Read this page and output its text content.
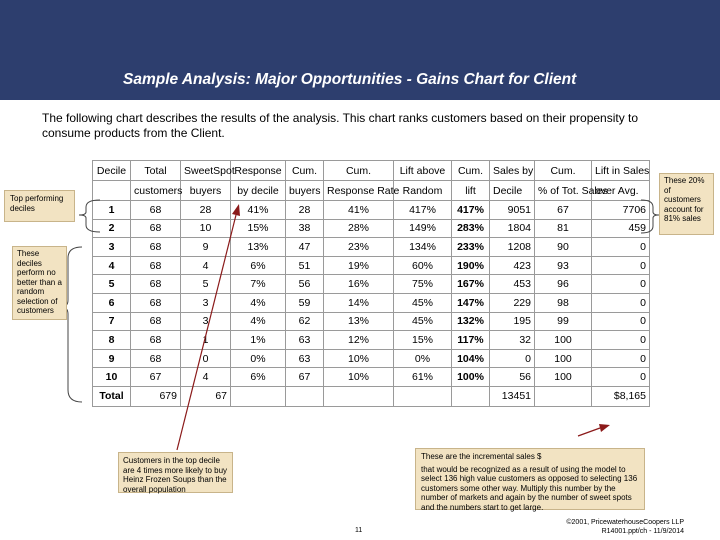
Sample Analysis: Major Opportunities - Gains Chart for Client
The following chart describes the results of the analysis. This chart ranks customers based on their propensity to consume products from the Client.
Decile	Total	SweetSpot	Response	Cum.	Cum.	Lift above	Cum.	Sales by	Cum.	Lift in Sales
	customers	buyers	by decile	buyers	Response Rate	Random	lift	Decile	% of Tot. Sales	over Avg.
1	68	28	41%	28	41%	417%	417%	9051	67	7706
2	68	10	15%	38	28%	149%	283%	1804	81	459
3	68	9	13%	47	23%	134%	233%	1208	90	0
4	68	4	6%	51	19%	60%	190%	423	93	0
5	68	5	7%	56	16%	75%	167%	453	96	0
6	68	3	4%	59	14%	45%	147%	229	98	0
7	68	3	4%	62	13%	45%	132%	195	99	0
8	68	1	1%	63	12%	15%	117%	32	100	0
9	68	0	0%	63	10%	0%	104%	0	100	0
10	67	4	6%	67	10%	61%	100%	56	100	0
Total	679	67						13451		$8,165
Top performing deciles
These deciles perform no better than a random selection of customers
These 20% of customers account for 81% sales
Customers in the top decile are 4 times more likely to buy Heinz Frozen Soups than the overall population
These are the incremental sales $
that would be recognized as a result of using the model to select 136 high value customers as opposed to selecting 136 customers some other way. Multiply this number by the number of markets and again by the number of sweet spots and the numbers start to get large.
11
©2001, PricewaterhouseCoopers LLP
R14001.ppt/ch - 11/9/2014
